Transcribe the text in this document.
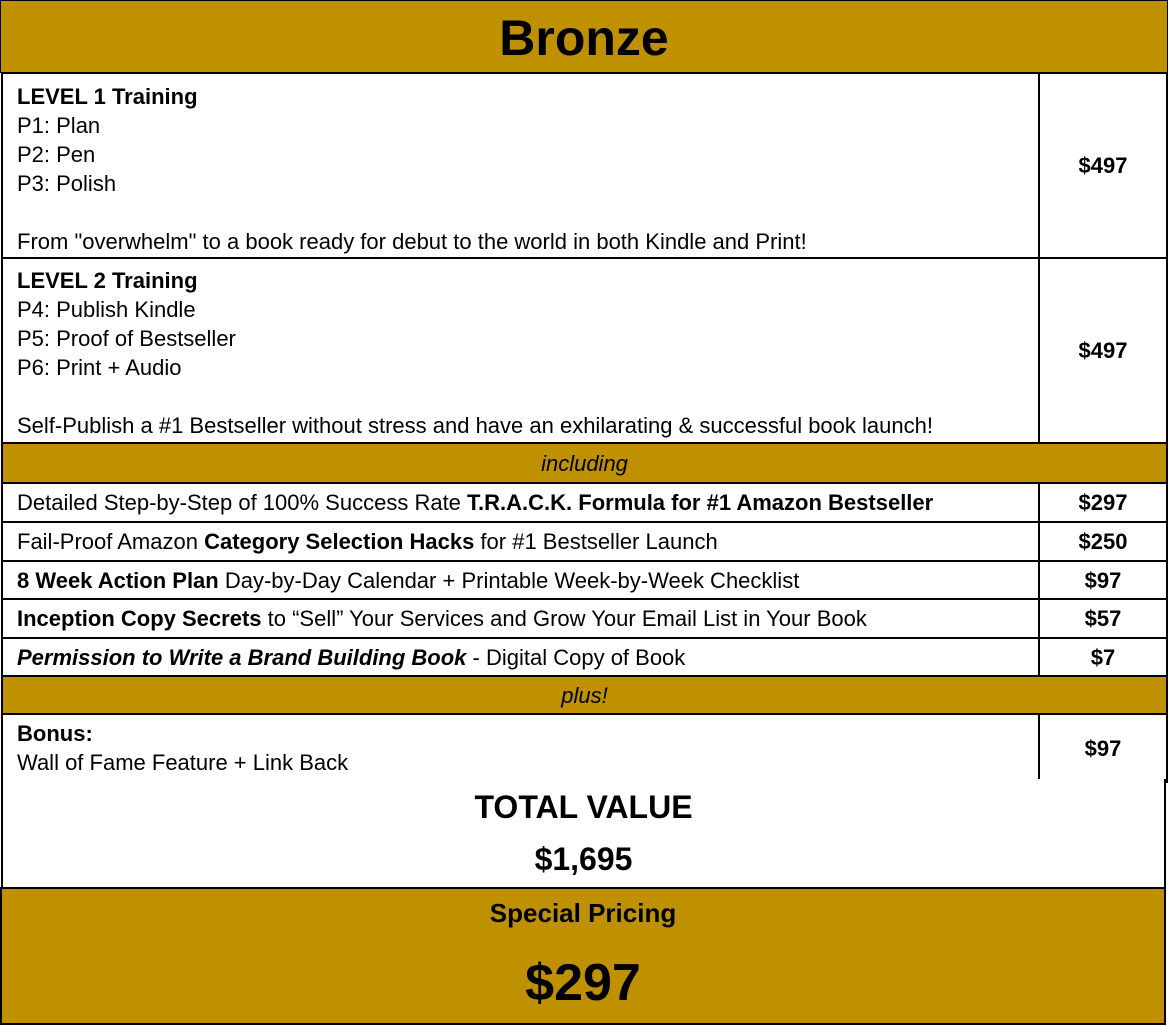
Bronze
LEVEL 1 Training
P1: Plan
P2: Pen
P3: Polish
From "overwhelm" to a book ready for debut to the world in both Kindle and Print!	$497
LEVEL 2 Training
P4: Publish Kindle
P5: Proof of Bestseller
P6: Print + Audio
Self-Publish a #1 Bestseller without stress and have an exhilarating & successful book launch!	$497
including	
Detailed Step-by-Step of 100% Success Rate T.R.A.C.K. Formula for #1 Amazon Bestseller	$297
Fail-Proof Amazon Category Selection Hacks for #1 Bestseller Launch	$250
8 Week Action Plan Day-by-Day Calendar + Printable Week-by-Week Checklist	$97
Inception Copy Secrets to “Sell” Your Services and Grow Your Email List in Your Book	$57
Permission to Write a Brand Building Book - Digital Copy of Book	$7
plus!	
Bonus:
Wall of Fame Feature + Link Back	$97
TOTAL VALUE
$1,695
Special Pricing
$297
